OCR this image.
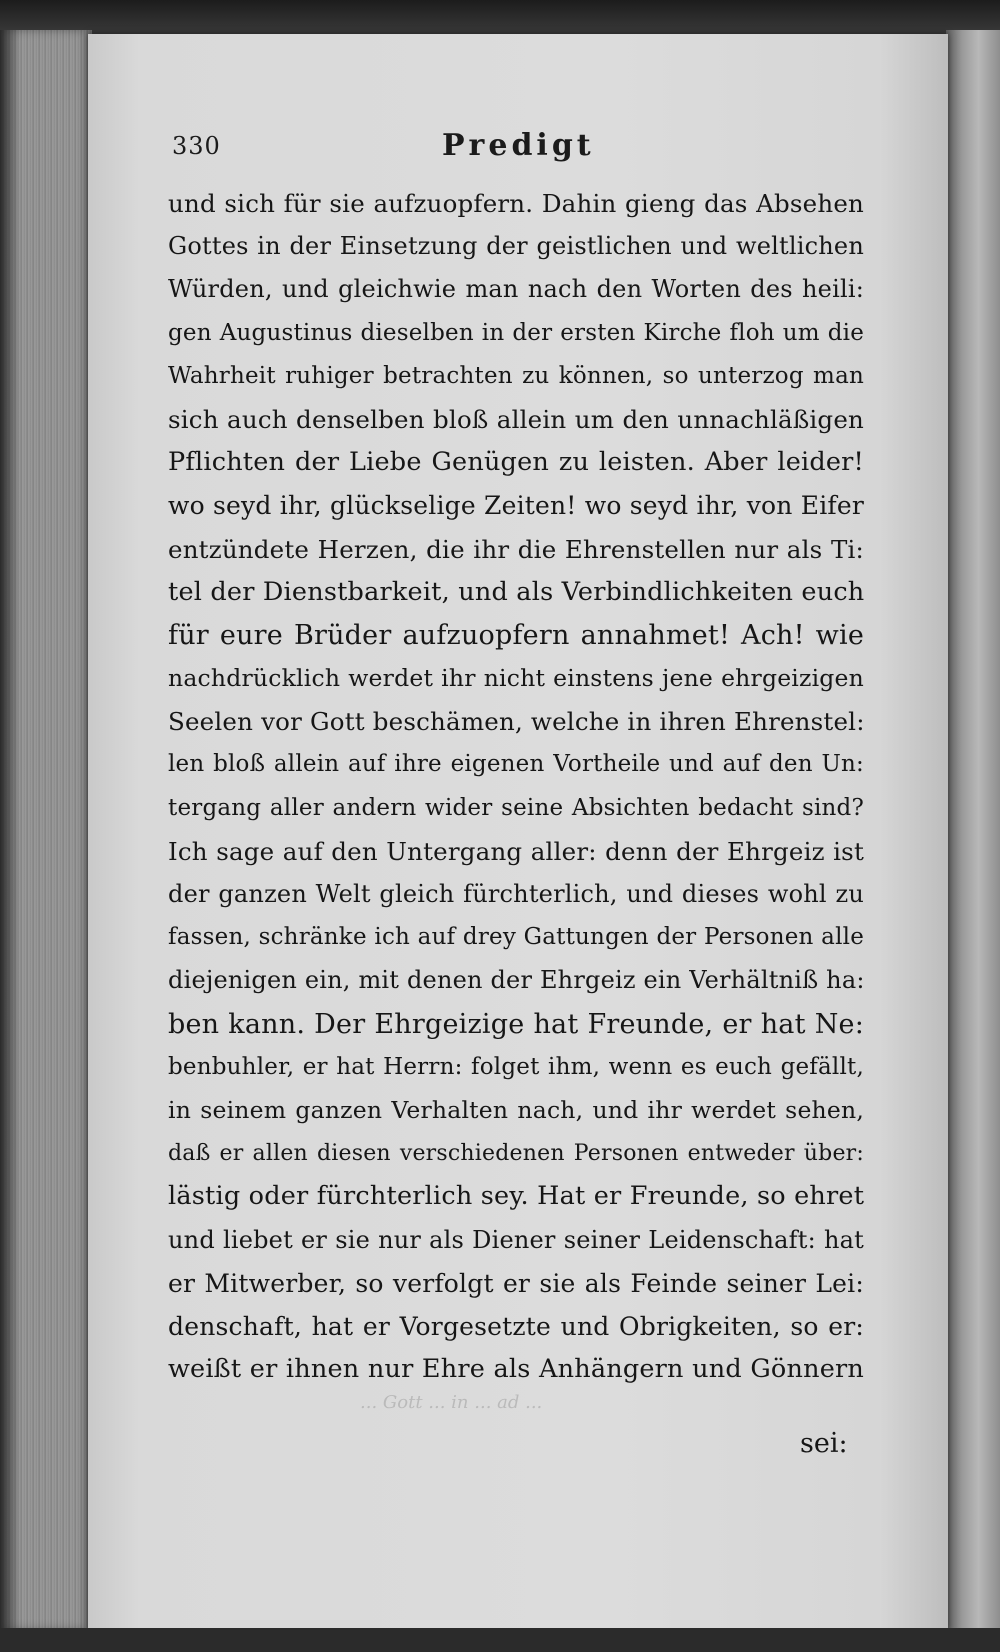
330	Predigt
und sich für sie aufzuopfern. Dahin gieng das Absehen
Gottes in der Einsetzung der geistlichen und weltlichen
Würden, und gleichwie man nach den Worten des heili:
gen Augustinus dieselben in der ersten Kirche floh um die
Wahrheit ruhiger betrachten zu können, so unterzog man
sich auch denselben bloß allein um den unnachläßigen
Pflichten der Liebe Genügen zu leisten. Aber leider!
wo seyd ihr, glückselige Zeiten! wo seyd ihr, von Eifer
entzündete Herzen, die ihr die Ehrenstellen nur als Ti:
tel der Dienstbarkeit, und als Verbindlichkeiten euch
für eure Brüder aufzuopfern annahmet! Ach! wie
nachdrücklich werdet ihr nicht einstens jene ehrgeizigen
Seelen vor Gott beschämen, welche in ihren Ehrenstel:
len bloß allein auf ihre eigenen Vortheile und auf den Un:
tergang aller andern wider seine Absichten bedacht sind?
Ich sage auf den Untergang aller: denn der Ehrgeiz ist
der ganzen Welt gleich fürchterlich, und dieses wohl zu
fassen, schränke ich auf drey Gattungen der Personen alle
diejenigen ein, mit denen der Ehrgeiz ein Verhältniß ha:
ben kann. Der Ehrgeizige hat Freunde, er hat Ne:
benbuhler, er hat Herrn: folget ihm, wenn es euch gefällt,
in seinem ganzen Verhalten nach, und ihr werdet sehen,
daß er allen diesen verschiedenen Personen entweder über:
lästig oder fürchterlich sey. Hat er Freunde, so ehret
und liebet er sie nur als Diener seiner Leidenschaft: hat
er Mitwerber, so verfolgt er sie als Feinde seiner Lei:
denschaft, hat er Vorgesetzte und Obrigkeiten, so er:
weißt er ihnen nur Ehre als Anhängern und Gönnern
... Gott ... in ... ad ...
sei:
